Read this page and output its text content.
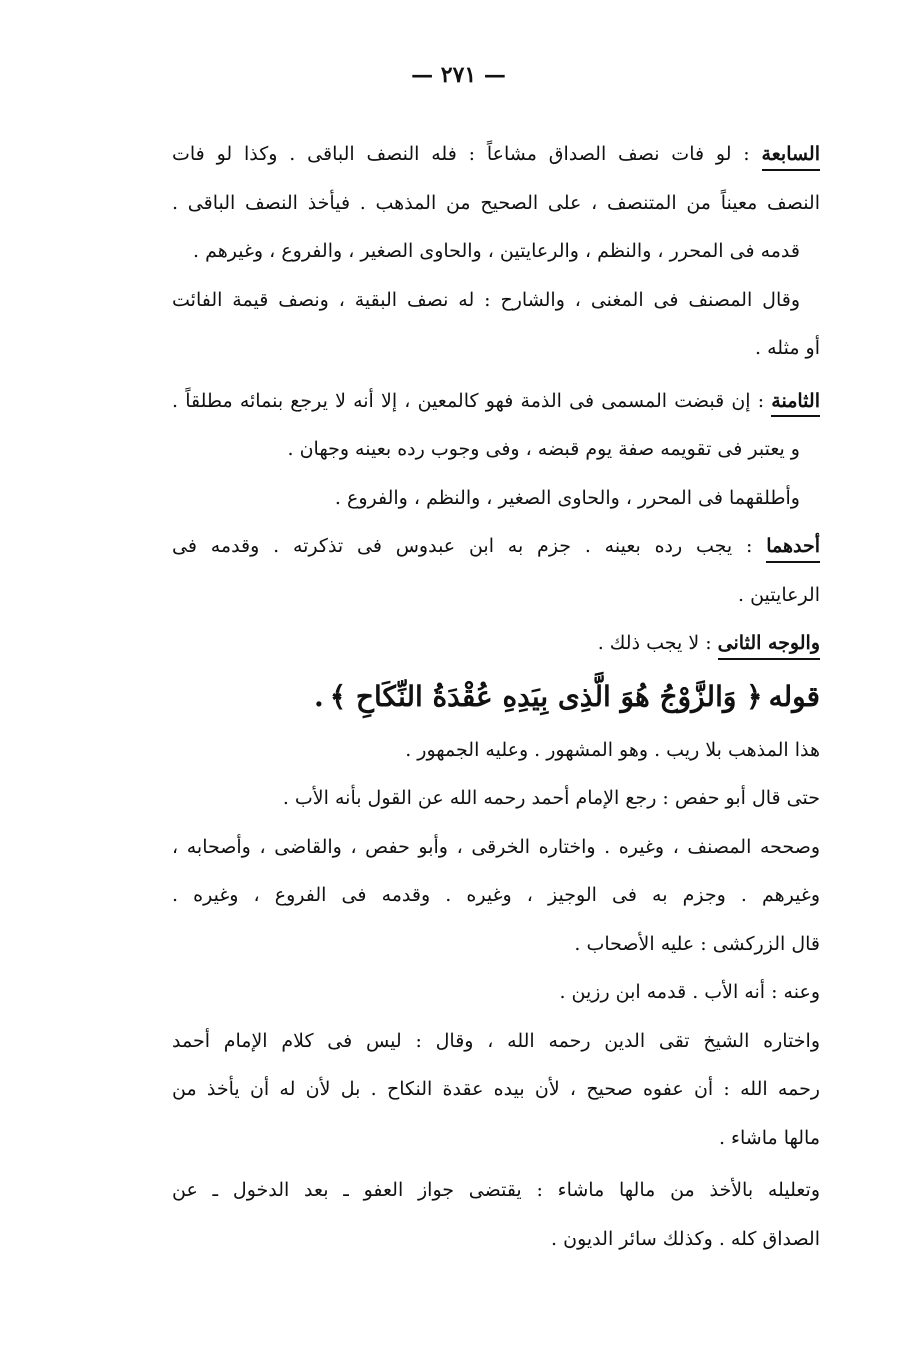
— ٢٧١ —
السابعة : لو فات نصف الصداق مشاعاً : فله النصف الباقى . وكذا لو فات
النصف معيناً من المتنصف ، على الصحيح من المذهب . فيأخذ النصف الباقى .
قدمه فى المحرر ، والنظم ، والرعايتين ، والحاوى الصغير ، والفروع ، وغيرهم .
وقال المصنف فى المغنى ، والشارح : له نصف البقية ، ونصف قيمة الفائت
أو مثله .
الثامنة : إن قبضت المسمى فى الذمة فهو كالمعين ، إلا أنه لا يرجع بنمائه مطلقاً .
و يعتبر فى تقويمه صفة يوم قبضه ، وفى وجوب رده بعينه وجهان .
وأطلقهما فى المحرر ، والحاوى الصغير ، والنظم ، والفروع .
أحدهما : يجب رده بعينه . جزم به ابن عبدوس فى تذكرته . وقدمه فى
الرعايتين .
والوجه الثانى : لا يجب ذلك .
قوله ﴿ وَالزَّوْجُ هُوَ الَّذِى بِيَدِهِ عُقْدَةُ النِّكَاحِ ﴾ .
هذا المذهب بلا ريب . وهو المشهور . وعليه الجمهور .
حتى قال أبو حفص : رجع الإمام أحمد رحمه الله عن القول بأنه الأب .
وصححه المصنف ، وغيره . واختاره الخرقى ، وأبو حفص ، والقاضى ، وأصحابه ،
وغيرهم . وجزم به فى الوجيز ، وغيره . وقدمه فى الفروع ، وغيره .
قال الزركشى : عليه الأصحاب .
وعنه : أنه الأب . قدمه ابن رزين .
واختاره الشيخ تقى الدين رحمه الله ، وقال : ليس فى كلام الإمام أحمد
رحمه الله : أن عفوه صحيح ، لأن بيده عقدة النكاح . بل لأن له أن يأخذ من
مالها ماشاء .
وتعليله بالأخذ من مالها ماشاء : يقتضى جواز العفو ـ بعد الدخول ـ عن
الصداق كله . وكذلك سائر الديون .
